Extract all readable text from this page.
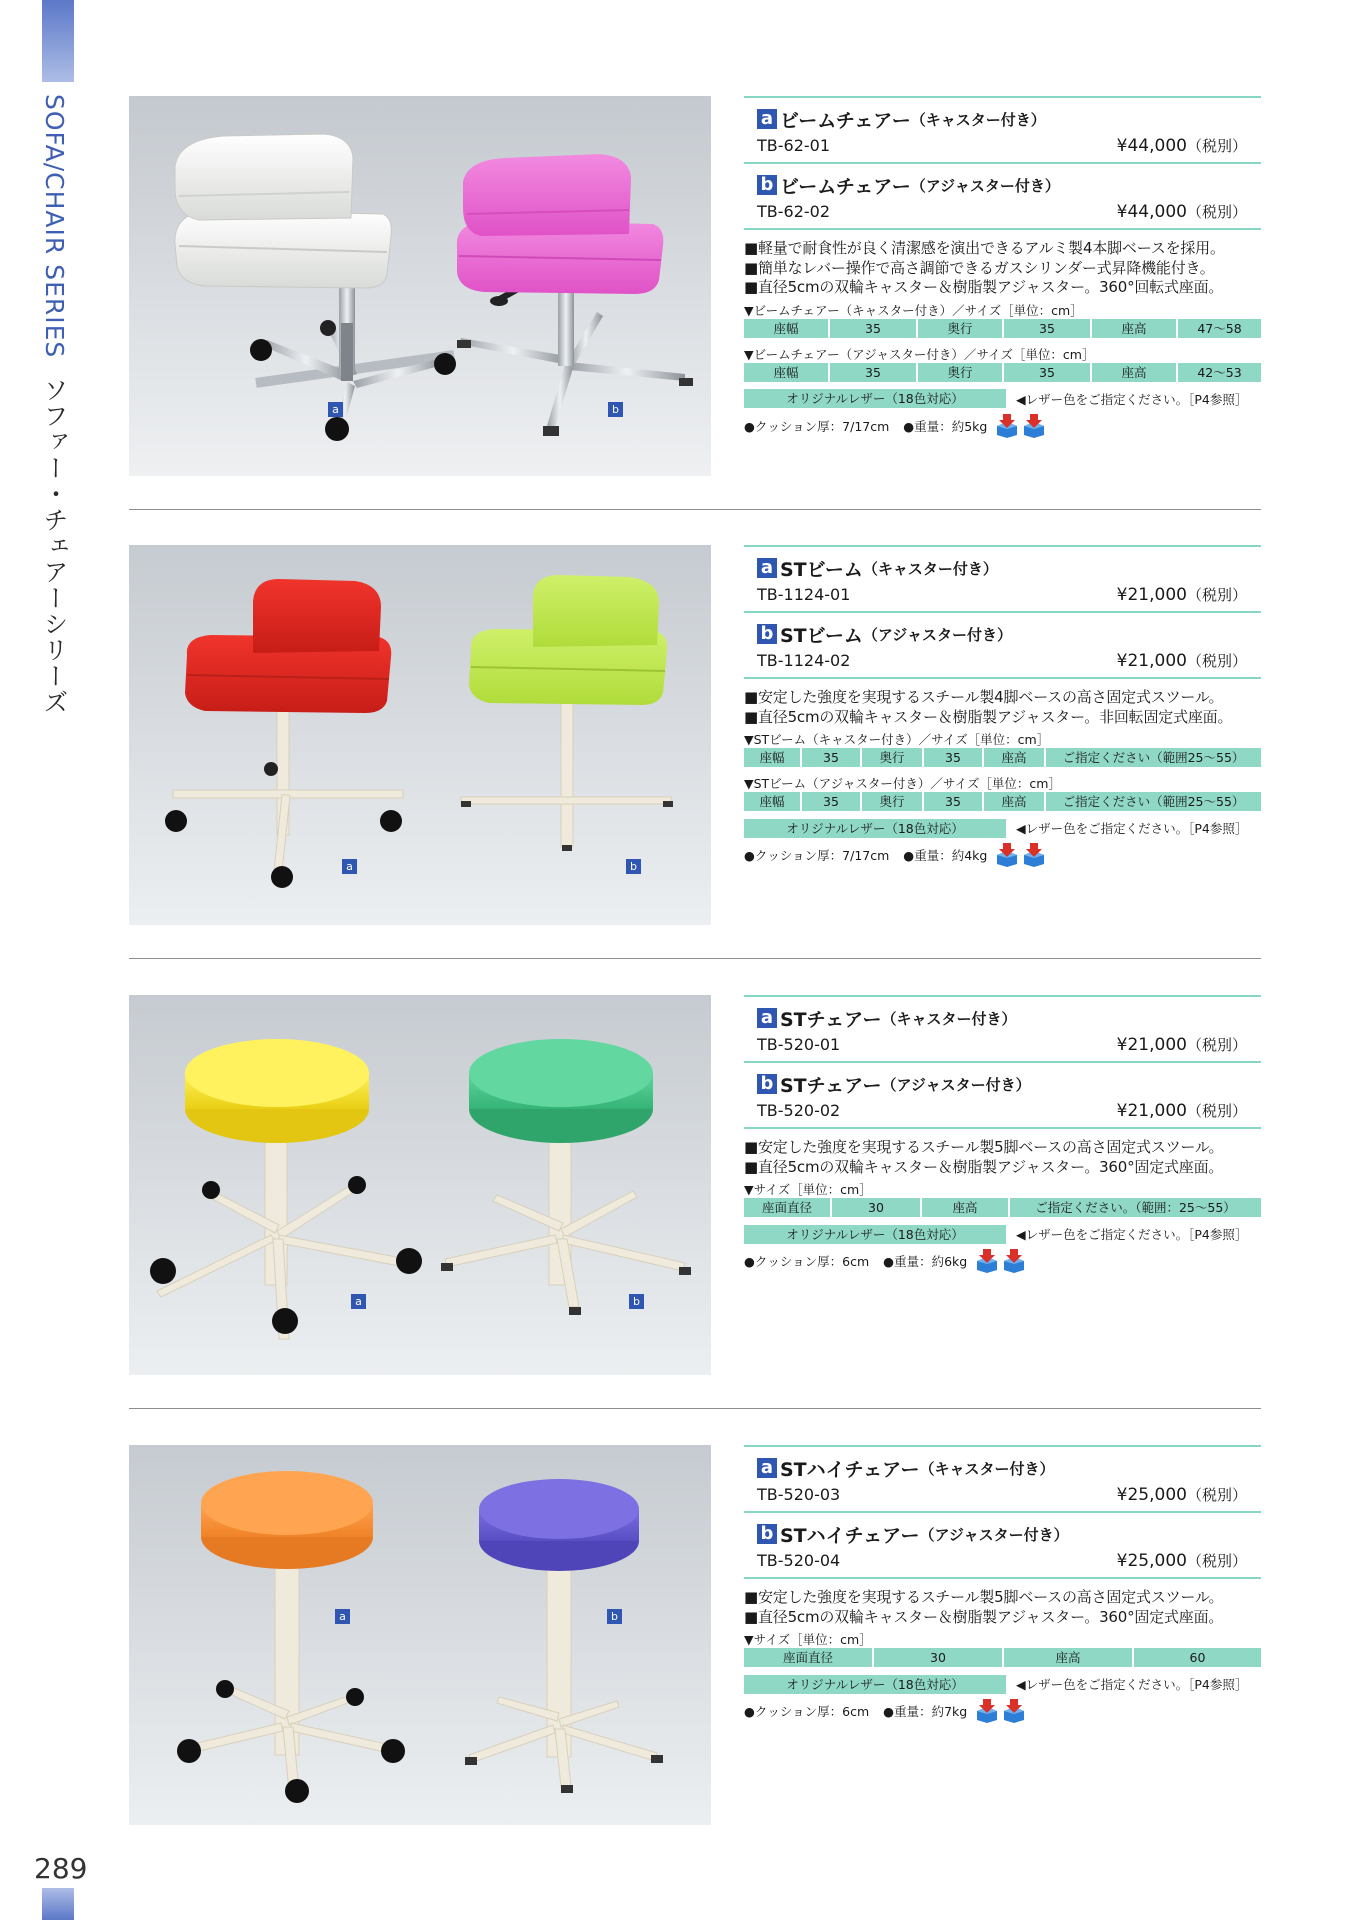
SOFA/CHAIR SERIES ソファー・チェアーシリーズ
289
a	b
a ビームチェアー （キャスター付き）
TB-62-01	¥44,000（税別）
b ビームチェアー （アジャスター付き）
TB-62-02	¥44,000（税別）
■軽量で耐食性が良く清潔感を演出できるアルミ製4本脚ベースを採用。
■簡単なレバー操作で高さ調節できるガスシリンダー式昇降機能付き。
■直径5cmの双輪キャスター＆樹脂製アジャスター。360°回転式座面。
▼ビームチェアー（キャスター付き）／サイズ［単位：cm］
座幅	35	奥行	35	座高	47〜58
▼ビームチェアー（アジャスター付き）／サイズ［単位：cm］
座幅	35	奥行	35	座高	42〜53
オリジナルレザー（18色対応）	◀レザー色をご指定ください。［P4参照］
●クッション厚：7/17cm ●重量：約5kg
a	b
a STビーム （キャスター付き）
TB-1124-01	¥21,000（税別）
b STビーム （アジャスター付き）
TB-1124-02	¥21,000（税別）
■安定した強度を実現するスチール製4脚ベースの高さ固定式スツール。
■直径5cmの双輪キャスター＆樹脂製アジャスター。非回転固定式座面。
▼STビーム（キャスター付き）／サイズ［単位：cm］
座幅	35	奥行	35	座高	ご指定ください（範囲25〜55）
▼STビーム（アジャスター付き）／サイズ［単位：cm］
座幅	35	奥行	35	座高	ご指定ください（範囲25〜55）
オリジナルレザー（18色対応）	◀レザー色をご指定ください。［P4参照］
●クッション厚：7/17cm ●重量：約4kg
a	b
a STチェアー （キャスター付き）
TB-520-01	¥21,000（税別）
b STチェアー （アジャスター付き）
TB-520-02	¥21,000（税別）
■安定した強度を実現するスチール製5脚ベースの高さ固定式スツール。
■直径5cmの双輪キャスター＆樹脂製アジャスター。360°固定式座面。
▼サイズ［単位：cm］
座面直径	30	座高	ご指定ください。（範囲：25〜55）
オリジナルレザー（18色対応）	◀レザー色をご指定ください。［P4参照］
●クッション厚：6cm ●重量：約6kg
a	b
a STハイチェアー （キャスター付き）
TB-520-03	¥25,000（税別）
b STハイチェアー （アジャスター付き）
TB-520-04	¥25,000（税別）
■安定した強度を実現するスチール製5脚ベースの高さ固定式スツール。
■直径5cmの双輪キャスター＆樹脂製アジャスター。360°固定式座面。
▼サイズ［単位：cm］
座面直径	30	座高	60
オリジナルレザー（18色対応）	◀レザー色をご指定ください。［P4参照］
●クッション厚：6cm ●重量：約7kg
